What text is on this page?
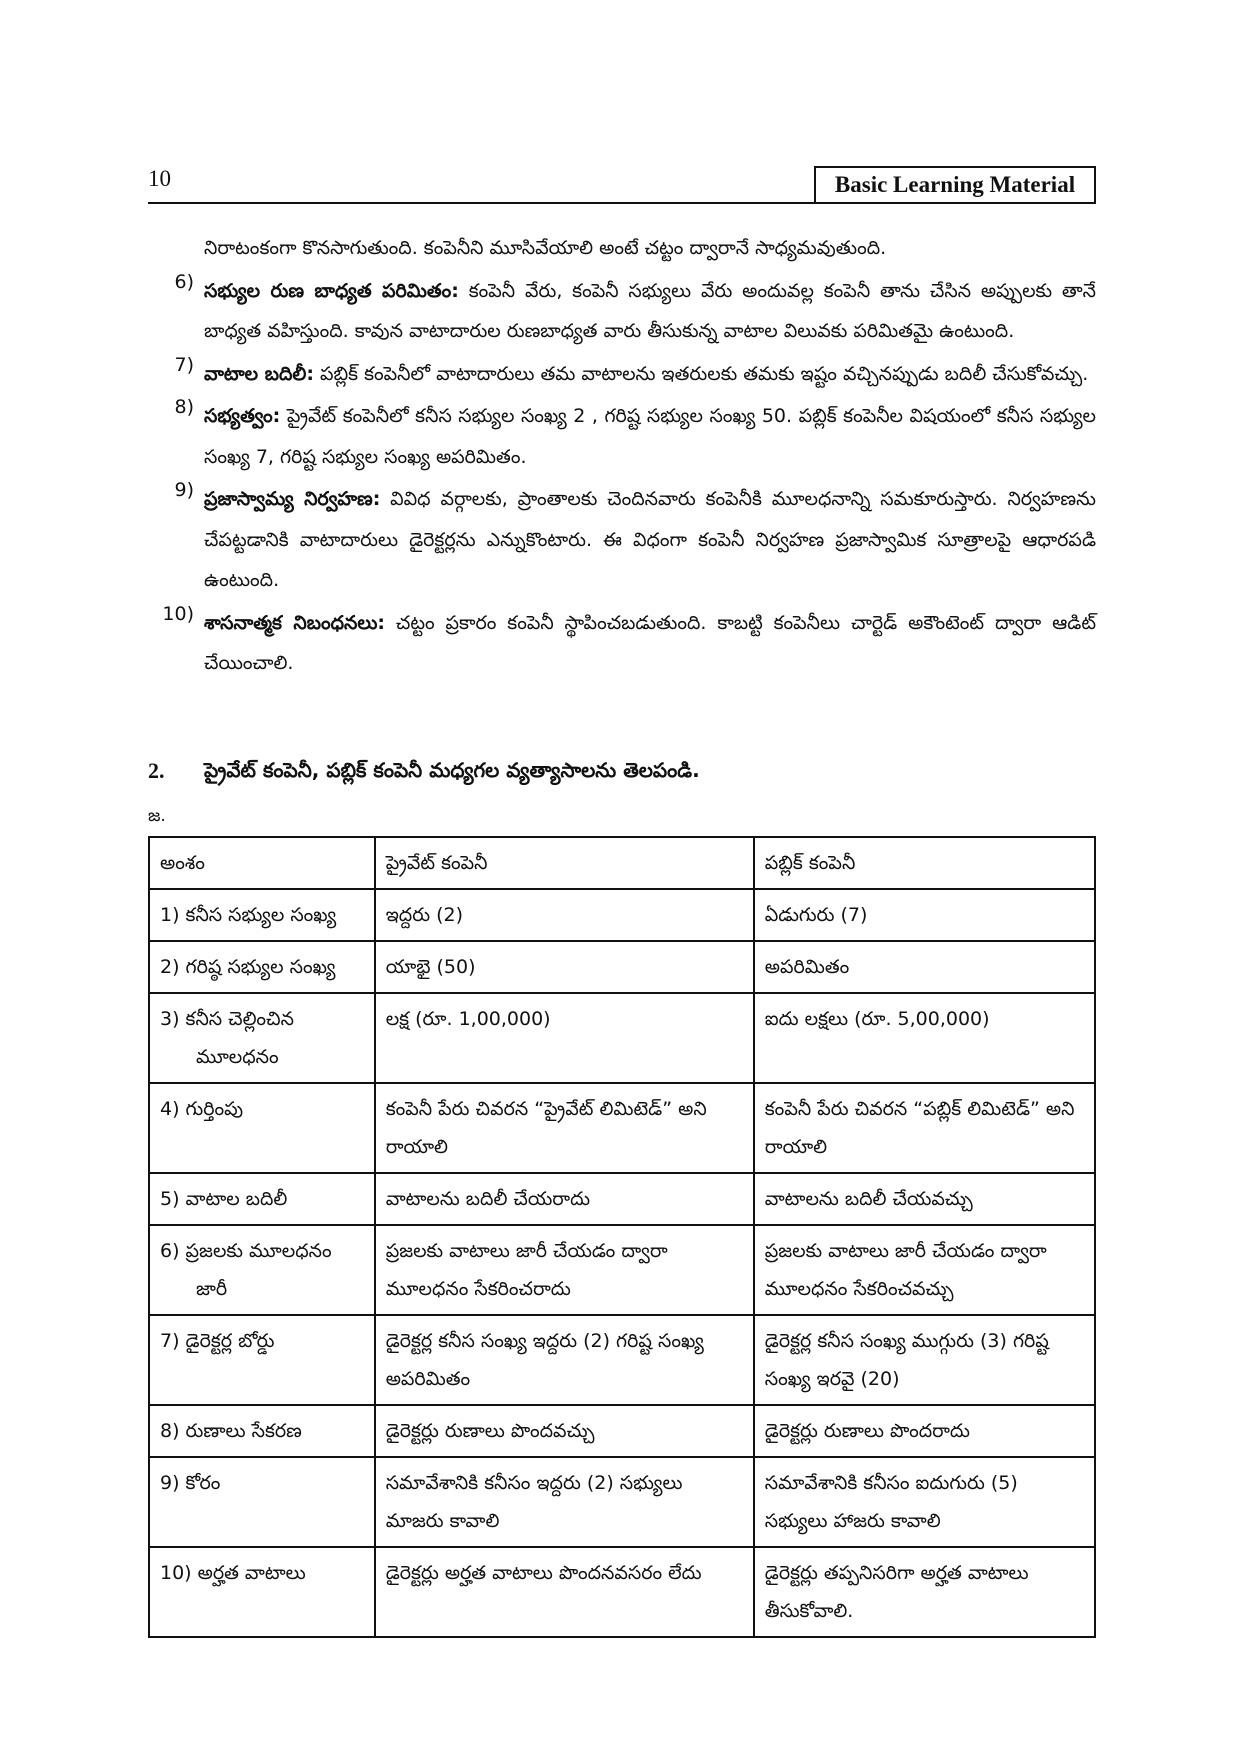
10	Basic Learning Material

నిరాటంకంగా కొనసాగుతుంది. కంపెనీని మూసివేయాలి అంటే చట్టం ద్వారానే సాధ్యమవుతుంది.

6) సభ్యుల రుణ బాధ్యత పరిమితం: కంపెనీ వేరు, కంపెనీ సభ్యులు వేరు అందువల్ల కంపెనీ తాను చేసిన అప్పులకు తానే బాధ్యత వహిస్తుంది. కావున వాటాదారుల రుణబాధ్యత వారు తీసుకున్న వాటాల విలువకు పరిమితమై ఉంటుంది.
7) వాటాల బదిలీ: పబ్లిక్ కంపెనీలో వాటాదారులు తమ వాటాలను ఇతరులకు తమకు ఇష్టం వచ్చినప్పుడు బదిలీ చేసుకోవచ్చు.
8) సభ్యత్వం: ప్రైవేట్ కంపెనీలో కనీస సభ్యుల సంఖ్య 2 , గరిష్ట సభ్యుల సంఖ్య 50. పబ్లిక్ కంపెనీల విషయంలో కనీస సభ్యుల సంఖ్య 7, గరిష్ట సభ్యుల సంఖ్య అపరిమితం.
9) ప్రజాస్వామ్య నిర్వహణ: వివిధ వర్గాలకు, ప్రాంతాలకు చెందినవారు కంపెనీకి మూలధనాన్ని సమకూరుస్తారు. నిర్వహణను చేపట్టడానికి వాటాదారులు డైరెక్టర్లను ఎన్నుకొంటారు. ఈ విధంగా కంపెనీ నిర్వహణ ప్రజాస్వామిక సూత్రాలపై ఆధారపడి ఉంటుంది.
10) శాసనాత్మక నిబంధనలు: చట్టం ప్రకారం కంపెనీ స్థాపించబడుతుంది. కాబట్టి కంపెనీలు చార్టెడ్ అకౌంటెంట్ ద్వారా ఆడిట్ చేయించాలి.
2.	ప్రైవేట్ కంపెనీ, పబ్లిక్ కంపెనీ మధ్యగల వ్యత్యాసాలను తెలపండి.
జ.
అంశం	ప్రైవేట్ కంపెనీ	పబ్లిక్ కంపెనీ

1) కనీస సభ్యుల సంఖ్య	ఇద్దరు (2)	ఏడుగురు (7)

2) గరిష్ఠ సభ్యుల సంఖ్య	యాభై (50)	అపరిమితం

3) కనీస చెల్లించిన మూలధనం	లక్ష (రూ. 1,00,000)	ఐదు లక్షలు (రూ. 5,00,000)

4) గుర్తింపు	కంపెనీ పేరు చివరన “ప్రైవేట్ లిమిటెడ్” అని రాయాలి	కంపెనీ పేరు చివరన “పబ్లిక్ లిమిటెడ్” అని రాయాలి

5) వాటాల బదిలీ	వాటాలను బదిలీ చేయరాదు	వాటాలను బదిలీ చేయవచ్చు

6) ప్రజలకు మూలధనం జారీ	ప్రజలకు వాటాలు జారీ చేయడం ద్వారా మూలధనం సేకరించరాదు	ప్రజలకు వాటాలు జారీ చేయడం ద్వారా మూలధనం సేకరించవచ్చు

7) డైరెక్టర్ల బోర్డు	డైరెక్టర్ల కనీస సంఖ్య ఇద్దరు (2) గరిష్ట సంఖ్య అపరిమితం	డైరెక్టర్ల కనీస సంఖ్య ముగ్గురు (3) గరిష్ట సంఖ్య ఇరవై (20)

8) రుణాలు సేకరణ	డైరెక్టర్లు రుణాలు పొందవచ్చు	డైరెక్టర్లు రుణాలు పొందరాదు

9) కోరం	సమావేశానికి కనీసం ఇద్దరు (2) సభ్యులు మాజరు కావాలి	సమావేశానికి కనీసం ఐదుగురు (5) సభ్యులు హాజరు కావాలి

10) అర్హత వాటాలు	డైరెక్టర్లు అర్హత వాటాలు పొందనవసరం లేదు	డైరెక్టర్లు తప్పనిసరిగా అర్హత వాటాలు తీసుకోవాలి.
